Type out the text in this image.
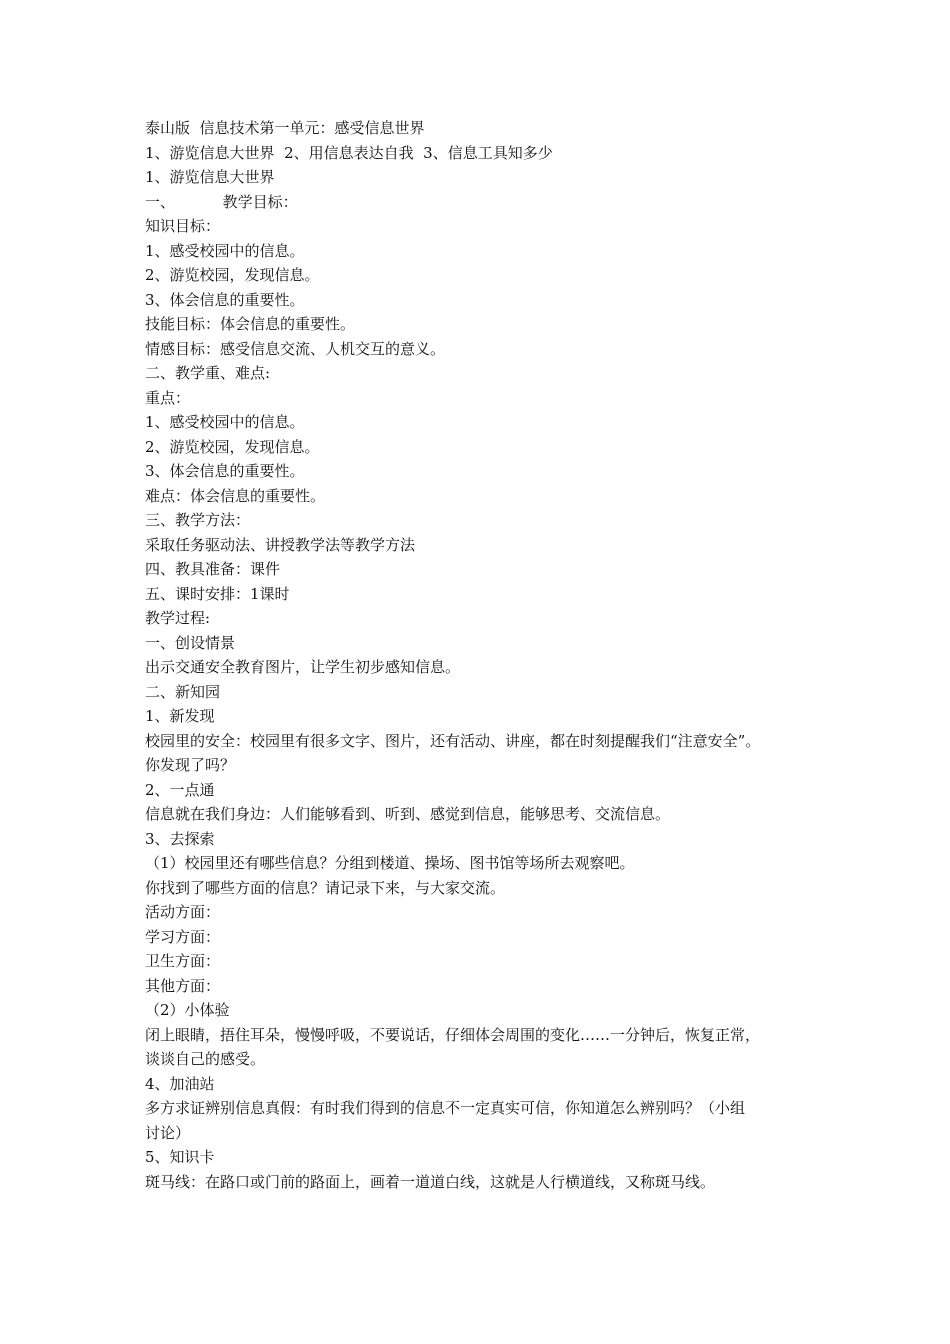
泰山版  信息技术第一单元：感受信息世界

1、游览信息大世界  2、用信息表达自我  3、信息工具知多少

1、游览信息大世界

一、          教学目标：

知识目标：

1、感受校园中的信息。

2、游览校园，发现信息。

3、体会信息的重要性。

技能目标：体会信息的重要性。

情感目标：感受信息交流、人机交互的意义。

二、教学重、难点:

重点：

1、感受校园中的信息。

2、游览校园，发现信息。

3、体会信息的重要性。

难点：体会信息的重要性。

三、教学方法：

采取任务驱动法、讲授教学法等教学方法

四、教具准备：课件

五、课时安排：1课时

教学过程:

一、创设情景

出示交通安全教育图片，让学生初步感知信息。

二、新知园

1、新发现

校园里的安全：校园里有很多文字、图片，还有活动、讲座，都在时刻提醒我们“注意安全”。

你发现了吗？

2、一点通

信息就在我们身边：人们能够看到、听到、感觉到信息，能够思考、交流信息。

3、去探索

（1）校园里还有哪些信息？分组到楼道、操场、图书馆等场所去观察吧。

你找到了哪些方面的信息？请记录下来，与大家交流。

活动方面：

学习方面：

卫生方面：

其他方面：

（2）小体验

闭上眼睛，捂住耳朵，慢慢呼吸，不要说话，仔细体会周围的变化……一分钟后，恢复正常，

谈谈自己的感受。

4、加油站

多方求证辨别信息真假：有时我们得到的信息不一定真实可信，你知道怎么辨别吗？（小组

讨论）

5、知识卡

斑马线：在路口或门前的路面上，画着一道道白线，这就是人行横道线，又称斑马线。
